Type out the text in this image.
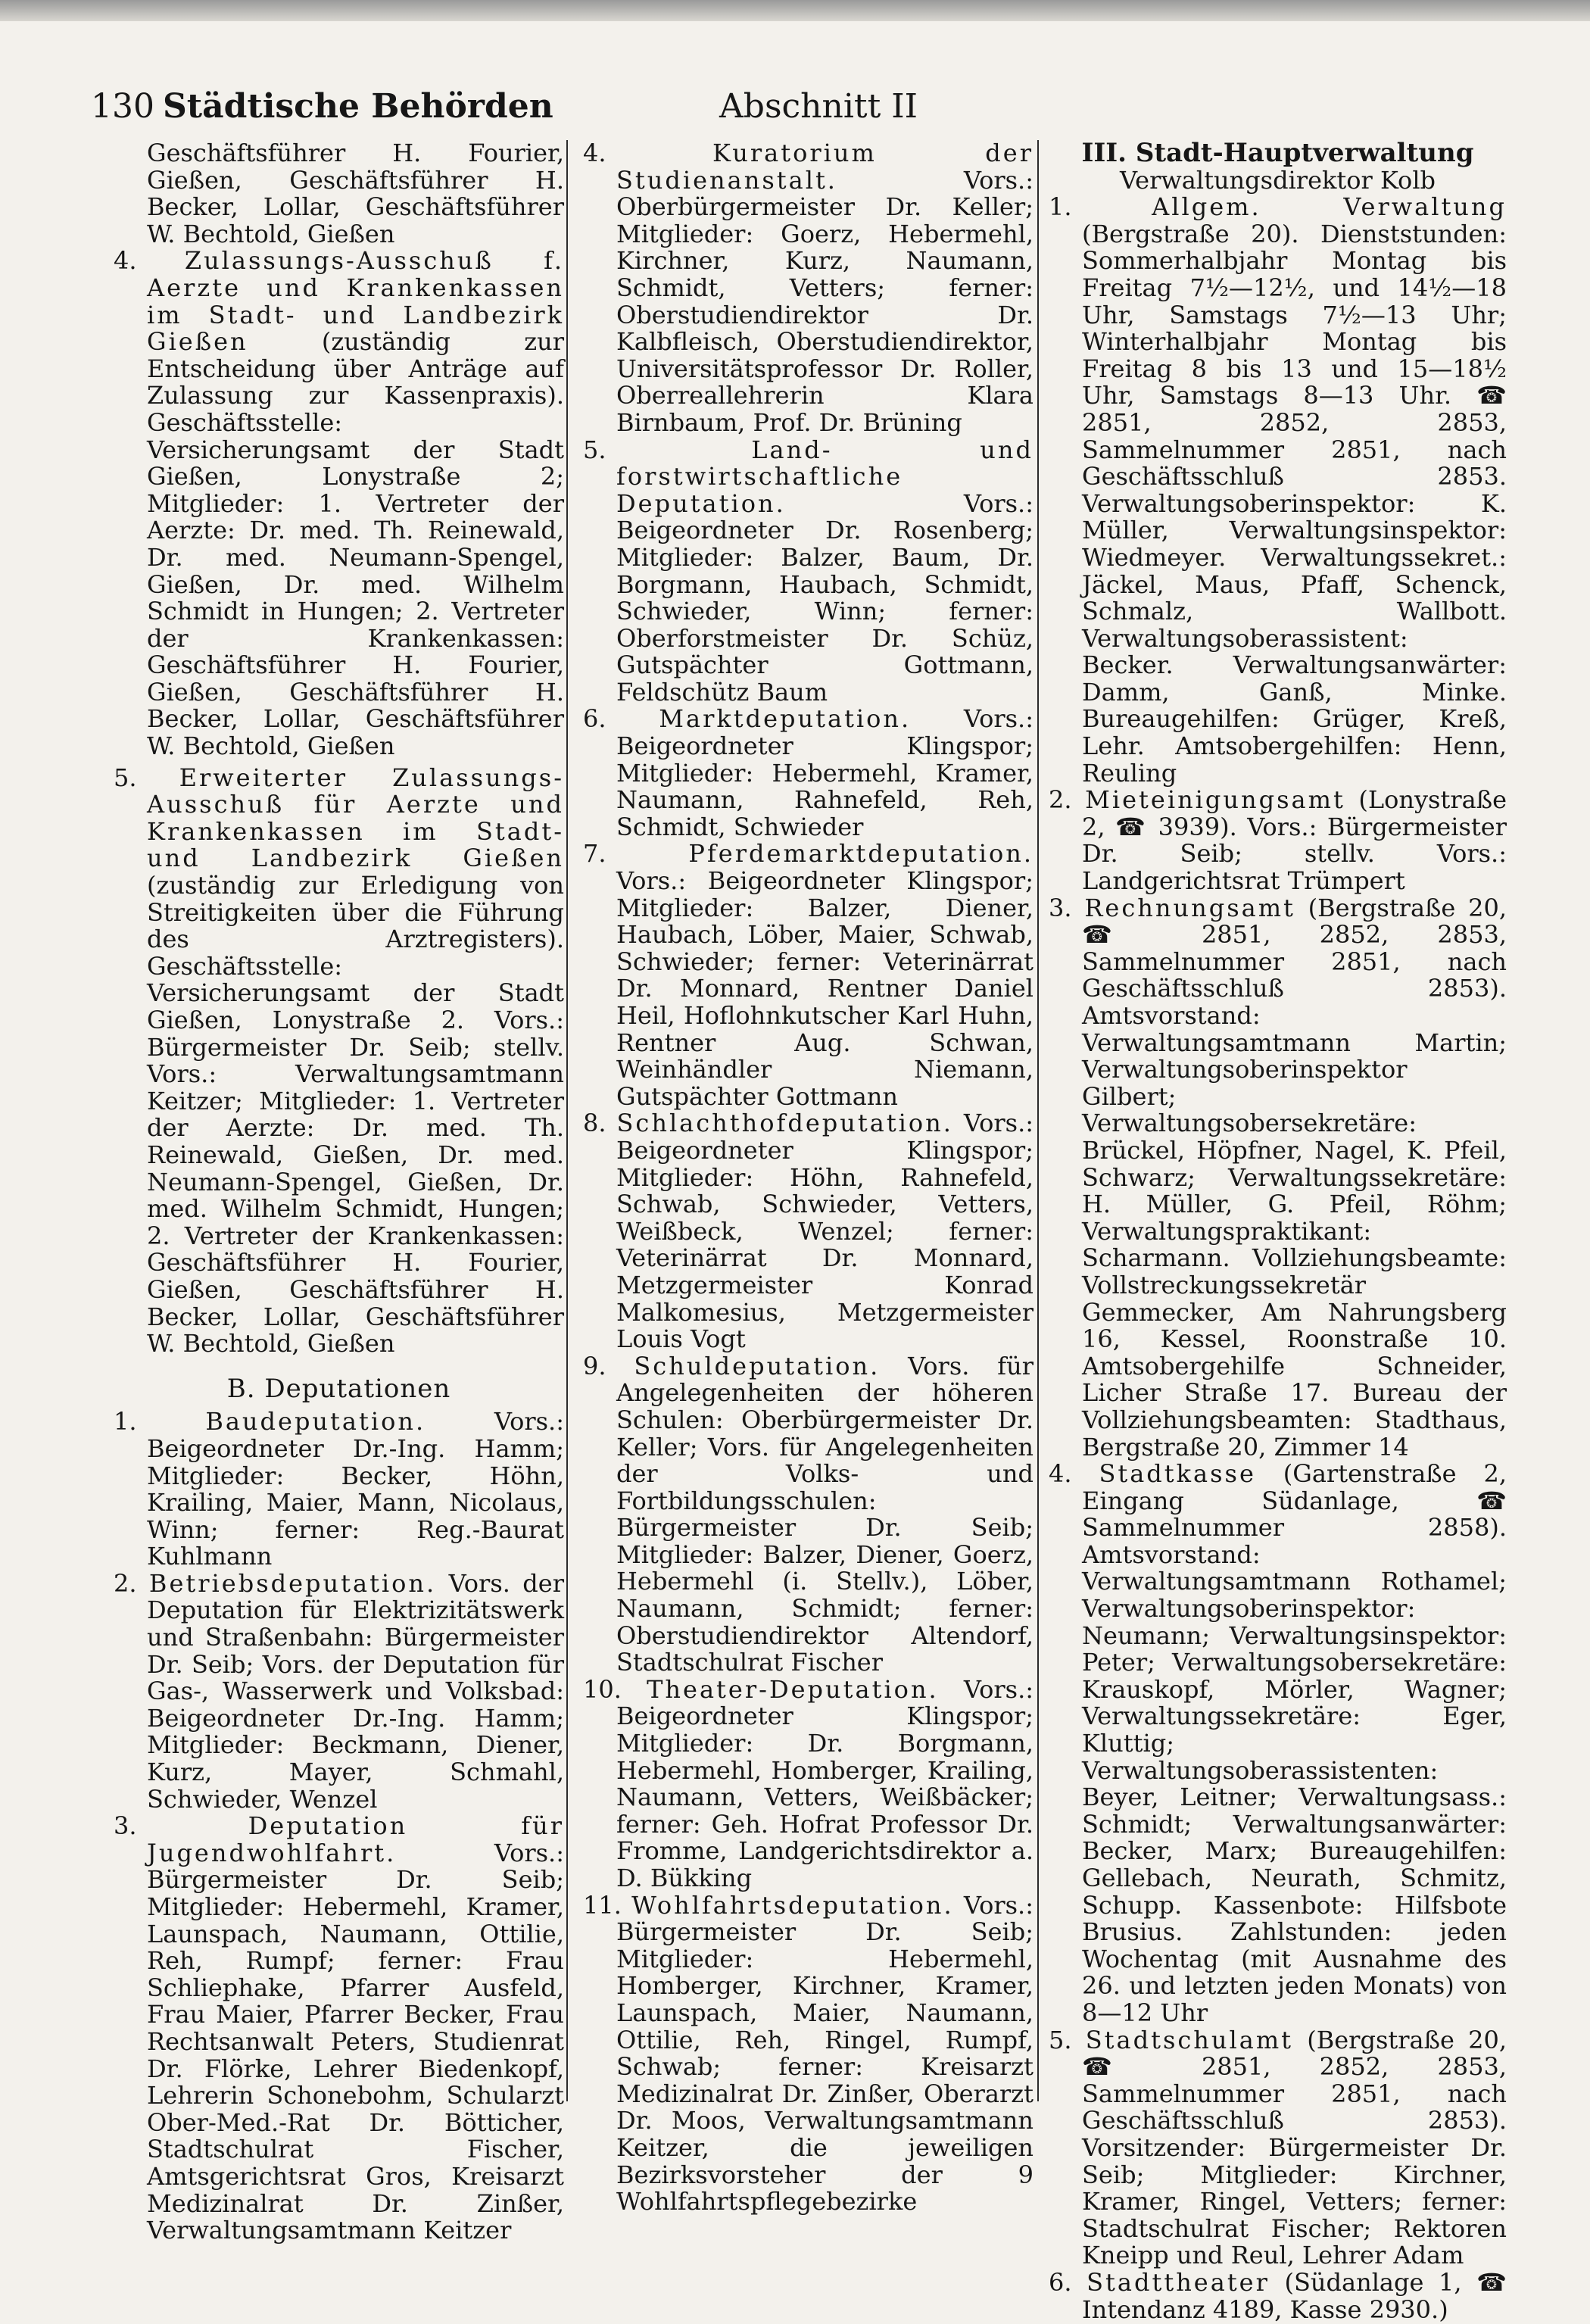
130 Städtische Behörden	Abschnitt II

Geschäftsführer H. Fourier, Gießen, Geschäftsführer H. Becker, Lollar, Geschäftsführer W. Bechtold, Gießen

4. Zulassungs-Ausschuß f. Aerzte und Krankenkassen im Stadt- und Landbezirk Gießen	(zuständig zur Entscheidung über Anträge auf Zulassung zur Kassenpraxis). Geschäftsstelle: Versicherungsamt der Stadt Gießen, Lonystraße 2; Mitglieder: 1. Vertreter der Aerzte: Dr. med. Th. Reinewald, Dr. med. Neumann-Spengel, Gießen, Dr. med. Wilhelm Schmidt in Hungen; 2. Vertreter der Krankenkassen: Geschäftsführer H. Fourier, Gießen, Geschäftsführer H. Becker, Lollar, Geschäftsführer W. Bechtold, Gießen

5. Erweiterter Zulassungs-Ausschuß für Aerzte und Krankenkassen im Stadt- und Landbezirk Gießen (zuständig zur Erledigung von Streitigkeiten über die Führung des Arztregisters). Geschäftsstelle: Versicherungsamt der Stadt Gießen, Lonystraße 2. Vors.: Bürgermeister Dr. Seib; stellv. Vors.: Verwaltungsamtmann Keitzer; Mitglieder: 1. Vertreter der Aerzte: Dr. med. Th. Reinewald, Gießen, Dr. med. Neumann-Spengel, Gießen, Dr. med. Wilhelm Schmidt, Hungen; 2. Vertreter der Krankenkassen: Geschäftsführer H. Fourier, Gießen, Geschäftsführer H. Becker, Lollar, Geschäftsführer W. Bechtold, Gießen

B. Deputationen

1.	Baudeputation.	Vors.: Beigeordneter Dr.-Ing. Hamm; Mitglieder: Becker, Höhn, Krailing, Maier, Mann, Nicolaus, Winn; ferner: Reg.-Baurat Kuhlmann

2. Betriebsdeputation. Vors. der Deputation für Elektrizitätswerk und Straßenbahn: Bürgermeister Dr. Seib; Vors. der Deputation für Gas-, Wasserwerk und Volksbad: Beigeordneter Dr.-Ing. Hamm; Mitglieder: Beckmann, Diener, Kurz, Mayer, Schmahl, Schwieder, Wenzel

3.	Deputation für Jugendwohlfahrt.	Vors.: Bürgermeister Dr. Seib; Mitglieder: Hebermehl, Kramer, Launspach, Naumann, Ottilie, Reh, Rumpf; ferner: Frau Schliephake, Pfarrer Ausfeld, Frau Maier, Pfarrer Becker, Frau Rechtsanwalt Peters, Studienrat Dr. Flörke, Lehrer Biedenkopf, Lehrerin Schonebohm, Schularzt Ober-Med.-Rat Dr. Bötticher, Stadtschulrat Fischer, Amtsgerichtsrat Gros, Kreisarzt Medizinalrat Dr. Zinßer, Verwaltungsamtmann Keitzer

4.	Kuratorium der Studienanstalt.	Vors.: Oberbürgermeister Dr. Keller; Mitglieder: Goerz, Hebermehl, Kirchner, Kurz, Naumann, Schmidt, Vetters; ferner: Oberstudiendirektor Dr. Kalbfleisch, Oberstudiendirektor, Universitätsprofessor Dr. Roller, Oberreallehrerin Klara Birnbaum, Prof. Dr. Brüning

5.	Land- und forstwirtschaftliche Deputation.	Vors.: Beigeordneter Dr. Rosenberg; Mitglieder: Balzer, Baum, Dr. Borgmann, Haubach, Schmidt, Schwieder, Winn; ferner: Oberforstmeister Dr. Schüz, Gutspächter Gottmann, Feldschütz Baum

6. Marktdeputation. Vors.: Beigeordneter Klingspor; Mitglieder: Hebermehl, Kramer, Naumann, Rahnefeld, Reh, Schmidt, Schwieder

7.	Pferdemarktdeputation. Vors.: Beigeordneter Klingspor; Mitglieder: Balzer, Diener, Haubach, Löber, Maier, Schwab, Schwieder; ferner: Veterinärrat Dr. Monnard, Rentner Daniel Heil, Hoflohnkutscher Karl Huhn, Rentner Aug. Schwan, Weinhändler Niemann, Gutspächter Gottmann

8. Schlachthofdeputation. Vors.: Beigeordneter Klingspor; Mitglieder: Höhn, Rahnefeld, Schwab, Schwieder, Vetters, Weißbeck, Wenzel; ferner: Veterinärrat Dr. Monnard, Metzgermeister Konrad Malkomesius, Metzgermeister Louis Vogt

9. Schuldeputation. Vors. für Angelegenheiten der höheren Schulen: Oberbürgermeister Dr. Keller; Vors. für Angelegenheiten der Volks- und Fortbildungsschulen: Bürgermeister Dr. Seib; Mitglieder: Balzer, Diener, Goerz, Hebermehl (i. Stellv.), Löber, Naumann, Schmidt; ferner: Oberstudiendirektor Altendorf, Stadtschulrat Fischer

10. Theater-Deputation. Vors.: Beigeordneter Klingspor; Mitglieder: Dr. Borgmann, Hebermehl, Homberger, Krailing, Naumann, Vetters, Weißbäcker; ferner: Geh. Hofrat Professor Dr. Fromme, Landgerichtsdirektor a. D. Bükking

11. Wohlfahrtsdeputation. Vors.: Bürgermeister Dr. Seib; Mitglieder: Hebermehl, Homberger, Kirchner, Kramer, Launspach, Maier, Naumann, Ottilie, Reh, Ringel, Rumpf, Schwab; ferner: Kreisarzt Medizinalrat Dr. Zinßer, Oberarzt Dr. Moos, Verwaltungsamtmann Keitzer, die jeweiligen Bezirksvorsteher der 9 Wohlfahrtspflegebezirke

III. Stadt-Hauptverwaltung

Verwaltungsdirektor Kolb

1.	Allgem. Verwaltung (Bergstraße 20). Dienststunden: Sommerhalbjahr Montag bis Freitag 7½—12½, und 14½—18 Uhr, Samstags 7½—13 Uhr; Winterhalbjahr Montag bis Freitag 8 bis 13 und 15—18½ Uhr, Samstags 8—13 Uhr. ☎ 2851, 2852, 2853, Sammelnummer 2851, nach Geschäftsschluß 2853. Verwaltungsoberinspektor: K. Müller, Verwaltungsinspektor: Wiedmeyer. Verwaltungssekret.: Jäckel, Maus, Pfaff, Schenck, Schmalz, Wallbott. Verwaltungsoberassistent: Becker. Verwaltungsanwärter: Damm, Ganß, Minke. Bureaugehilfen: Grüger, Kreß, Lehr. Amtsobergehilfen: Henn, Reuling

2. Mieteinigungsamt (Lonystraße 2, ☎ 3939). Vors.: Bürgermeister Dr. Seib; stellv. Vors.: Landgerichtsrat Trümpert

3. Rechnungsamt (Bergstraße 20, ☎ 2851, 2852, 2853, Sammelnummer 2851, nach Geschäftsschluß 2853). Amtsvorstand: Verwaltungsamtmann Martin; Verwaltungsoberinspektor Gilbert; Verwaltungsobersekretäre: Brückel, Höpfner, Nagel, K. Pfeil, Schwarz; Verwaltungssekretäre: H. Müller, G. Pfeil, Röhm; Verwaltungspraktikant: Scharmann. Vollziehungsbeamte: Vollstreckungssekretär Gemmecker, Am Nahrungsberg 16, Kessel, Roonstraße 10. Amtsobergehilfe Schneider, Licher Straße 17. Bureau der Vollziehungsbeamten: Stadthaus, Bergstraße 20, Zimmer 14

4. Stadtkasse (Gartenstraße 2, Eingang Südanlage,	☎ Sammelnummer 2858). Amtsvorstand: Verwaltungsamtmann Rothamel; Verwaltungsoberinspektor: Neumann; Verwaltungsinspektor: Peter; Verwaltungsobersekretäre: Krauskopf, Mörler, Wagner; Verwaltungssekretäre: Eger, Kluttig; Verwaltungsoberassistenten: Beyer, Leitner; Verwaltungsass.: Schmidt; Verwaltungsanwärter: Becker, Marx; Bureaugehilfen: Gellebach, Neurath, Schmitz, Schupp. Kassenbote: Hilfsbote Brusius. Zahlstunden: jeden Wochentag (mit Ausnahme des 26. und letzten jeden Monats) von 8—12 Uhr

5. Stadtschulamt (Bergstraße 20, ☎ 2851, 2852, 2853, Sammelnummer 2851, nach Geschäftsschluß 2853). Vorsitzender: Bürgermeister Dr. Seib; Mitglieder: Kirchner, Kramer, Ringel, Vetters; ferner: Stadtschulrat Fischer; Rektoren Kneipp und Reul, Lehrer Adam

6. Stadttheater (Südanlage 1, ☎ Intendanz 4189, Kasse 2930.)
